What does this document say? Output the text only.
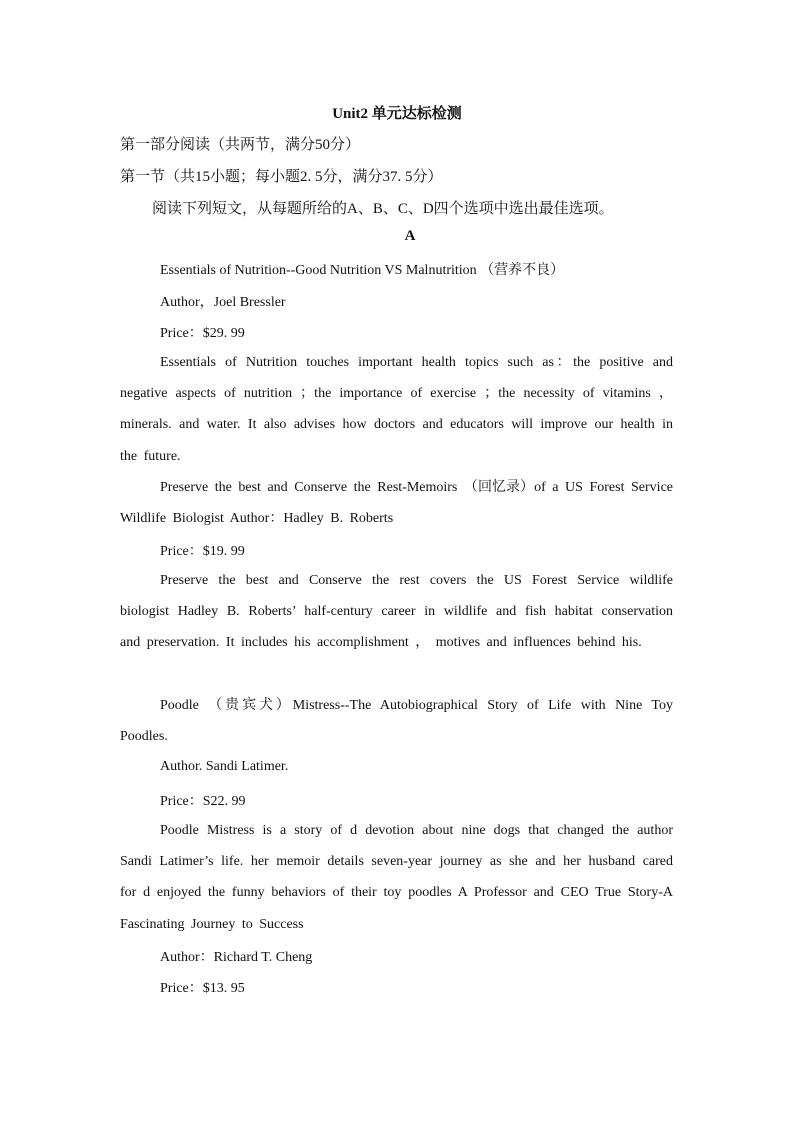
Unit2 单元达标检测
第一部分阅读（共两节，满分50分）
第一节（共15小题；每小题2. 5分，满分37. 5分）
阅读下列短文，从每题所给的A、B、C、D四个选项中选出最佳选项。
A
Essentials of Nutrition--Good Nutrition VS Malnutrition （营养不良）
Author，Joel Bressler
Price：$29. 99
Essentials of Nutrition touches important health topics such as：the positive and negative aspects of nutrition ；the importance of exercise ；the necessity of vitamins ， minerals. and water. It also advises how doctors and educators will improve our health in the future.
Preserve the best and Conserve the Rest-Memoirs （回忆录）of a US Forest Service Wildlife Biologist Author：Hadley B. Roberts
Price：$19. 99
Preserve the best and Conserve the rest covers the US Forest Service wildlife biologist Hadley B. Roberts’ half-century career in wildlife and fish habitat conservation and preservation. It includes his accomplishment ， motives and influences behind his.
Poodle （贵宾犬）Mistress--The Autobiographical Story of Life with Nine Toy Poodles.
Author. Sandi Latimer.
Price：S22. 99
Poodle Mistress is a story of d devotion about nine dogs that changed the author Sandi Latimer’s life. her memoir details seven-year journey as she and her husband cared for d enjoyed the funny behaviors of their toy poodles A Professor and CEO True Story-A Fascinating Journey to Success
Author：Richard T. Cheng
Price：$13. 95
